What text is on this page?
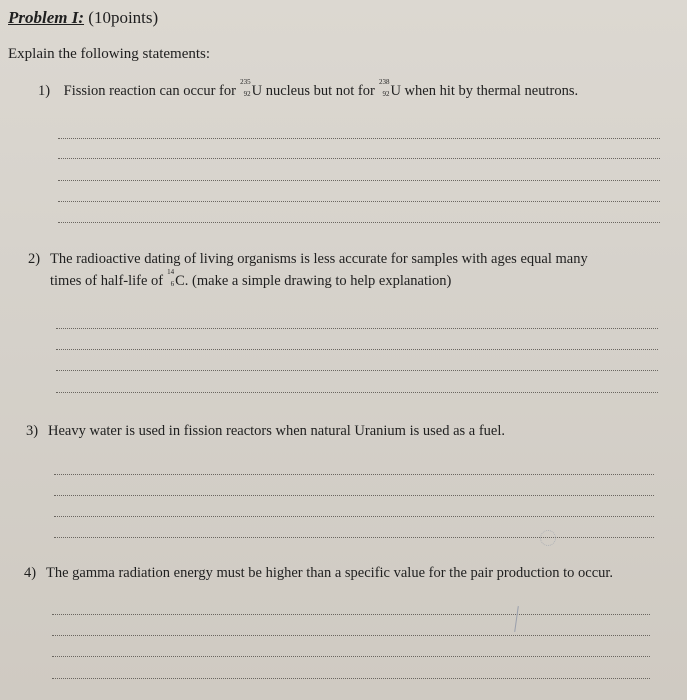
Problem I: (10points)
Explain the following statements:
1) Fission reaction can occur for
235
92 U nucleus but not for
238
92 U when hit by thermal neutrons.
2) The radioactive dating of living organisms is less accurate for samples with ages equal many
times of half-life of
14
6 C. (make a simple drawing to help explanation)
3) Heavy water is used in fission reactors when natural Uranium is used as a fuel.
4) The gamma radiation energy must be higher than a specific value for the pair production to occur.
